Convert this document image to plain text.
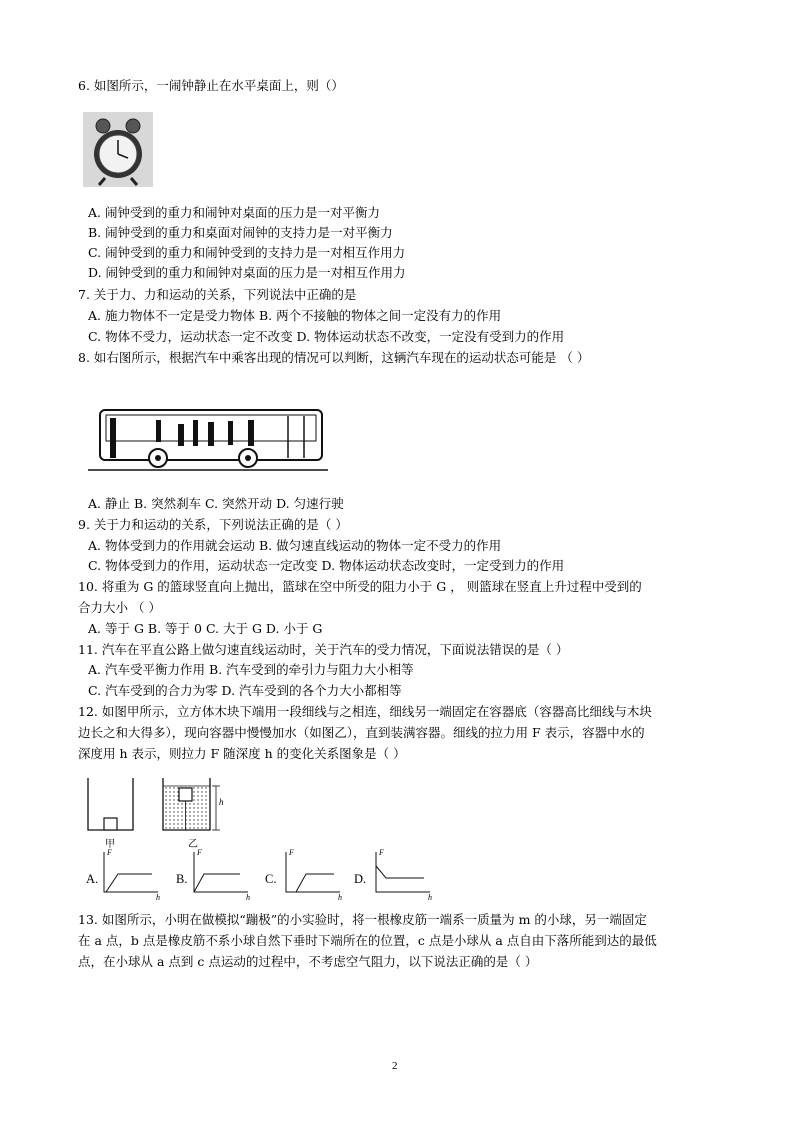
6. 如图所示，一闹钟静止在水平桌面上，则（）
A. 闹钟受到的重力和闹钟对桌面的压力是一对平衡力
B. 闹钟受到的重力和桌面对闹钟的支持力是一对平衡力
C. 闹钟受到的重力和闹钟受到的支持力是一对相互作用力
D. 闹钟受到的重力和闹钟对桌面的压力是一对相互作用力
7. 关于力、力和运动的关系，下列说法中正确的是
A. 施力物体不一定是受力物体 B. 两个不接触的物体之间一定没有力的作用
C. 物体不受力，运动状态一定不改变 D. 物体运动状态不改变，一定没有受到力的作用
8. 如右图所示，根据汽车中乘客出现的情况可以判断，这辆汽车现在的运动状态可能是 （ ）
A. 静止 B. 突然刹车 C. 突然开动 D. 匀速行驶
9. 关于力和运动的关系，下列说法正确的是（ ）
A. 物体受到力的作用就会运动 B. 做匀速直线运动的物体一定不受力的作用
C. 物体受到力的作用，运动状态一定改变 D. 物体运动状态改变时，一定受到力的作用
10. 将重为 G 的篮球竖直向上抛出，篮球在空中所受的阻力小于 G ， 则篮球在竖直上升过程中受到的
合力大小 （ ）
A. 等于 G B. 等于 0 C. 大于 G D. 小于 G
11. 汽车在平直公路上做匀速直线运动时，关于汽车的受力情况，下面说法错误的是（ ）
A. 汽车受平衡力作用 B. 汽车受到的牵引力与阻力大小相等
C. 汽车受到的合力为零 D. 汽车受到的各个力大小都相等
12. 如图甲所示，立方体木块下端用一段细线与之相连，细线另一端固定在容器底（容器高比细线与木块
边长之和大得多），现向容器中慢慢加水（如图乙），直到装满容器。细线的拉力用 F 表示，容器中水的
深度用 h 表示，则拉力 F 随深度 h 的变化关系图象是（ ）
甲
h
乙
A.
F
h
B.
F
h
C.
F
h
D.
F
h
13. 如图所示，小明在做模拟“蹦极”的小实验时，将一根橡皮筋一端系一质量为 m 的小球，另一端固定
在 a 点，b 点是橡皮筋不系小球自然下垂时下端所在的位置，c 点是小球从 a 点自由下落所能到达的最低
点，在小球从 a 点到 c 点运动的过程中，不考虑空气阻力，以下说法正确的是（ ）
2
